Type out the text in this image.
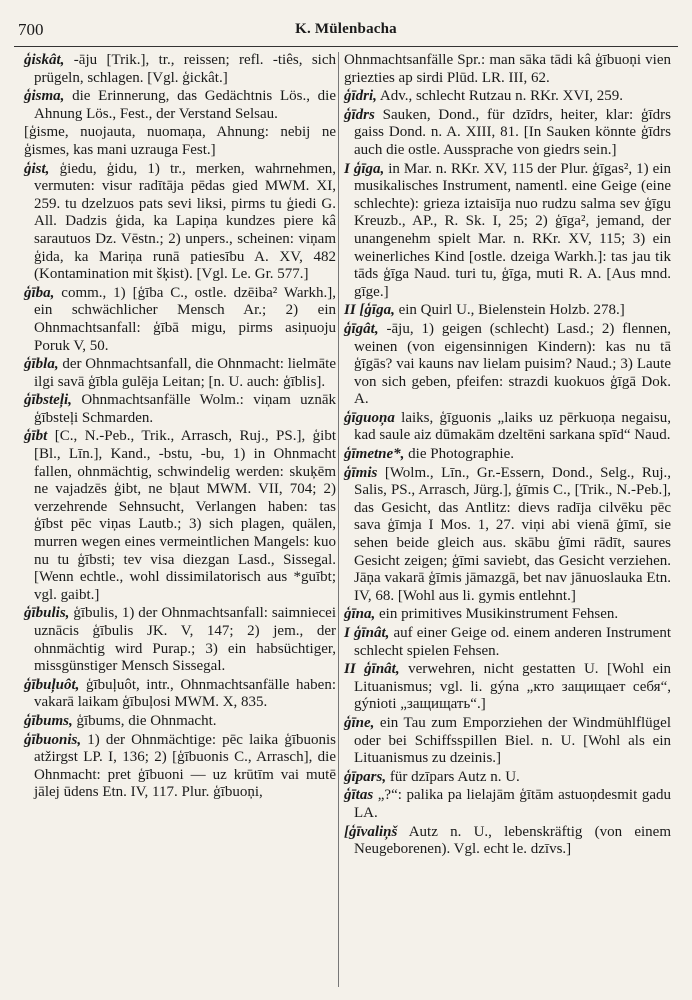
700	K. Mülenbacha
ģiskât, -āju [Trik.], tr., reissen; refl. -tiês, sich prügeln, schlagen. [Vgl. ģickât.]
ģisma, die Erinnerung, das Gedächtnis Lös., die Ahnung Lös., Fest., der Verstand Selsau.
[ģisme, nuojauta, nuomaņa, Ahnung: nebij ne ģismes, kas mani uzrauga Fest.]
ģist, ģiedu, ģidu, 1) tr., merken, wahrnehmen, vermuten: visur radītāja pēdas gied MWM. XI, 259. tu dzelzuos pats sevi liksi, pirms tu ģiedi G. All. Dadzis ģida, ka Lapiņa kundzes piere kâ sarautuos Dz. Vēstn.; 2) unpers., scheinen: viņam ģida, ka Mariņa runā patiesību A. XV, 482 (Kontamination mit šķist). [Vgl. Le. Gr. 577.]
ģība, comm., 1) [ģība C., ostle. dzēiba² Warkh.], ein schwächlicher Mensch Ar.; 2) ein Ohnmachtsanfall: ģībā migu, pirms asiņuoju Poruk V, 50.
ģībla, der Ohnmachtsanfall, die Ohnmacht: lielmāte ilgi savā ģībla gulēja Leitan; [n. U. auch: ģīblis].
ģībsteļi, Ohnmachtsanfälle Wolm.: viņam uznāk ģībsteļi Schmarden.
ģībt [C., N.-Peb., Trik., Arrasch, Ruj., PS.], ģibt [Bl., Līn.], Kand., -bstu, -bu, 1) in Ohnmacht fallen, ohnmächtig, schwindelig werden: skuķēm ne vajadzēs ģibt, ne bļaut MWM. VII, 704; 2) verzehrende Sehnsucht, Verlangen haben: tas ģībst pēc viņas Lautb.; 3) sich plagen, quälen, murren wegen eines vermeintlichen Mangels: kuo nu tu ģībsti; tev visa diezgan Lasd., Sissegal. [Wenn echtle., wohl dissimilatorisch aus *guībt; vgl. gaibt.]
ģībulis, ģībulis, 1) der Ohnmachtsanfall: saimniecei uznācis ģībulis JK. V, 147; 2) jem., der ohnmächtig wird Purap.; 3) ein habsüchtiger, missgünstiger Mensch Sissegal.
ģībuļuôt, ģībuļuôt, intr., Ohnmachtsanfälle haben: vakarā laikam ģībuļosi MWM. X, 835.
ģībums, ģībums, die Ohnmacht.
ģībuonis, 1) der Ohnmächtige: pēc laika ģībuonis atžirgst LP. I, 136; 2) [ģībuonis C., Arrasch], die Ohnmacht: pret ģībuoni — uz krūtīm vai mutē jālej ūdens Etn. IV, 117. Plur. ģībuoņi,
Ohnmachtsanfälle Spr.: man sāka tādi kâ ģībuoņi vien griezties ap sirdi Plūd. LR. III, 62.
ģīdri, Adv., schlecht Rutzau n. RKr. XVI, 259.
ģīdrs Sauken, Dond., für dzīdrs, heiter, klar: ģīdrs gaiss Dond. n. A. XIII, 81. [In Sauken könnte ģīdrs auch die ostle. Aussprache von giedrs sein.]
I ģīga, in Mar. n. RKr. XV, 115 der Plur. ģīgas², 1) ein musikalisches Instrument, namentl. eine Geige (eine schlechte): grieza iztaisīja nuo rudzu salma sev ģīgu Kreuzb., AP., R. Sk. I, 25; 2) ģīga², jemand, der unangenehm spielt Mar. n. RKr. XV, 115; 3) ein weinerliches Kind [ostle. dzeiga Warkh.]: tas jau tik tāds ģīga Naud. turi tu, ģīga, muti R. A. [Aus mnd. gīge.]
II [ģīga, ein Quirl U., Bielenstein Holzb. 278.]
ģīgât, -āju, 1) geigen (schlecht) Lasd.; 2) flennen, weinen (von eigensinnigen Kindern): kas nu tā ģīgās? vai kauns nav lielam puisim? Naud.; 3) Laute von sich geben, pfeifen: strazdi kuokuos ģīgā Dok. A.
ģīguoņa laiks, ģīguonis „laiks uz pērkuoņa negaisu, kad saule aiz dūmakām dzeltēni sarkana spīd“ Naud.
ģīmetne*, die Photographie.
ģīmis [Wolm., Līn., Gr.-Essern, Dond., Selg., Ruj., Salis, PS., Arrasch, Jürg.], ģīmis C., [Trik., N.-Peb.], das Gesicht, das Antlitz: dievs radīja cilvēku pēc sava ģīmja I Mos. 1, 27. viņi abi vienā ģīmī, sie sehen beide gleich aus. skābu ģīmi rādīt, saures Gesicht zeigen; ģīmi saviebt, das Gesicht verziehen. Jāņa vakarā ģīmis jāmazgā, bet nav jānuoslauka Etn. IV, 68. [Wohl aus li. gymis entlehnt.]
ģīna, ein primitives Musikinstrument Fehsen.
I ģīnât, auf einer Geige od. einem anderen Instrument schlecht spielen Fehsen.
II ģīnât, verwehren, nicht gestatten U. [Wohl ein Lituanismus; vgl. li. gýna „кто защищает себя“, gýnioti „защищать“.]
ģīne, ein Tau zum Emporziehen der Windmühlflügel oder bei Schiffsspillen Biel. n. U. [Wohl als ein Lituanismus zu dzeinis.]
ģīpars, für dzīpars Autz n. U.
ģītas „?“: palika pa lielajām ģītām astuoņdesmit gadu LA.
[ģīvaliņš Autz n. U., lebenskräftig (von einem Neugeborenen). Vgl. echt le. dzīvs.]
